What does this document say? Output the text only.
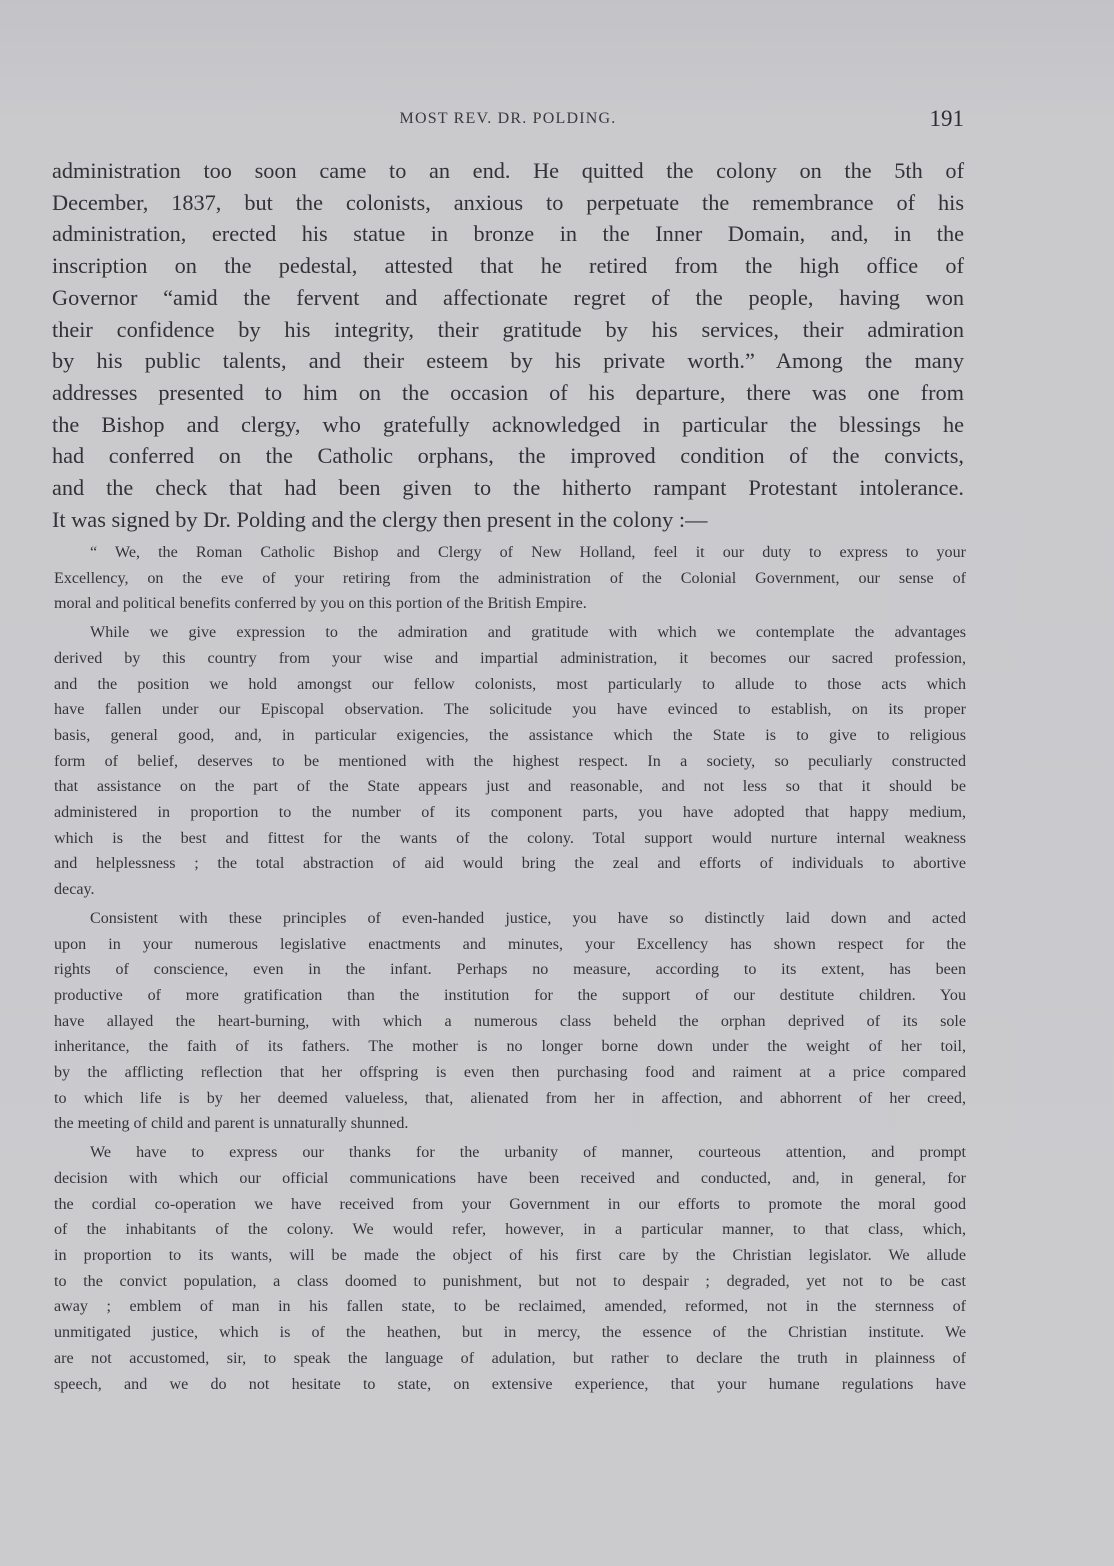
MOST REV. DR. POLDING.	191
administration too soon came to an end. He quitted the colony on the 5th of
December, 1837, but the colonists, anxious to perpetuate the remembrance of his
administration, erected his statue in bronze in the Inner Domain, and, in the
inscription on the pedestal, attested that he retired from the high office of
Governor “amid the fervent and affectionate regret of the people, having won
their confidence by his integrity, their gratitude by his services, their admiration
by his public talents, and their esteem by his private worth.” Among the many
addresses presented to him on the occasion of his departure, there was one from
the Bishop and clergy, who gratefully acknowledged in particular the blessings he
had conferred on the Catholic orphans, the improved condition of the convicts,
and the check that had been given to the hitherto rampant Protestant intolerance.
It was signed by Dr. Polding and the clergy then present in the colony :—
“ We, the Roman Catholic Bishop and Clergy of New Holland, feel it our duty to express to your
Excellency, on the eve of your retiring from the administration of the Colonial Government, our sense of
moral and political benefits conferred by you on this portion of the British Empire.
While we give expression to the admiration and gratitude with which we contemplate the advantages
derived by this country from your wise and impartial administration, it becomes our sacred profession,
and the position we hold amongst our fellow colonists, most particularly to allude to those acts which
have fallen under our Episcopal observation. The solicitude you have evinced to establish, on its proper
basis, general good, and, in particular exigencies, the assistance which the State is to give to religious
form of belief, deserves to be mentioned with the highest respect. In a society, so peculiarly constructed
that assistance on the part of the State appears just and reasonable, and not less so that it should be
administered in proportion to the number of its component parts, you have adopted that happy medium,
which is the best and fittest for the wants of the colony. Total support would nurture internal weakness
and helplessness ; the total abstraction of aid would bring the zeal and efforts of individuals to abortive
decay.
Consistent with these principles of even-handed justice, you have so distinctly laid down and acted
upon in your numerous legislative enactments and minutes, your Excellency has shown respect for the
rights of conscience, even in the infant. Perhaps no measure, according to its extent, has been
productive of more gratification than the institution for the support of our destitute children. You
have allayed the heart-burning, with which a numerous class beheld the orphan deprived of its sole
inheritance, the faith of its fathers. The mother is no longer borne down under the weight of her toil,
by the afflicting reflection that her offspring is even then purchasing food and raiment at a price compared
to which life is by her deemed valueless, that, alienated from her in affection, and abhorrent of her creed,
the meeting of child and parent is unnaturally shunned.
We have to express our thanks for the urbanity of manner, courteous attention, and prompt
decision with which our official communications have been received and conducted, and, in general, for
the cordial co-operation we have received from your Government in our efforts to promote the moral good
of the inhabitants of the colony. We would refer, however, in a particular manner, to that class, which,
in proportion to its wants, will be made the object of his first care by the Christian legislator. We allude
to the convict population, a class doomed to punishment, but not to despair ; degraded, yet not to be cast
away ; emblem of man in his fallen state, to be reclaimed, amended, reformed, not in the sternness of
unmitigated justice, which is of the heathen, but in mercy, the essence of the Christian institute. We
are not accustomed, sir, to speak the language of adulation, but rather to declare the truth in plainness of
speech, and we do not hesitate to state, on extensive experience, that your humane regulations have
